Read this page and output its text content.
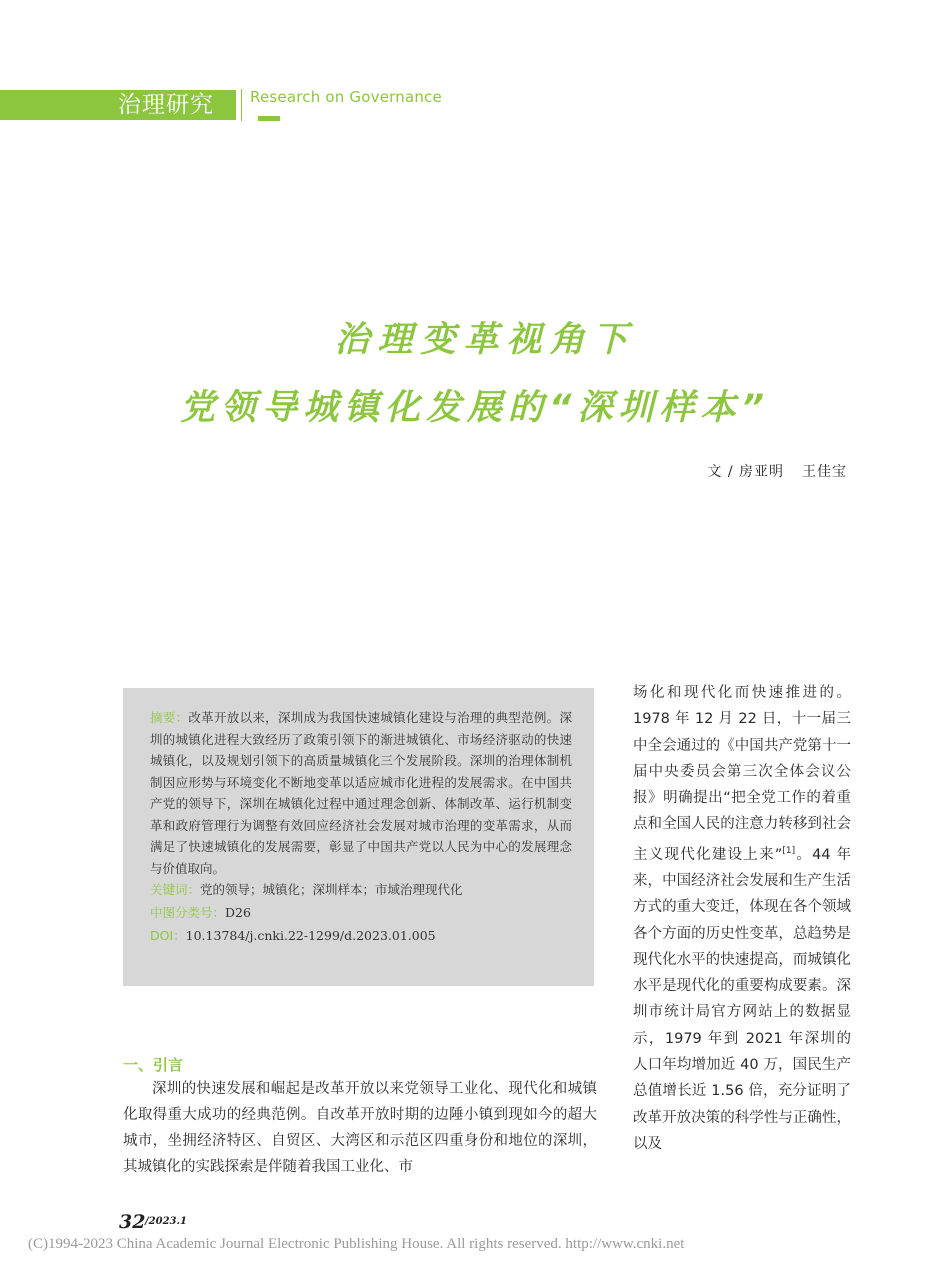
治理研究 Research on Governance
治理变革视角下
党领导城镇化发展的“深圳样本”
文 / 房亚明 王佳宝

摘要：改革开放以来，深圳成为我国快速城镇化建设与治理的典型范例。深圳的城镇化进程大致经历了政策引领下的渐进城镇化、市场经济驱动的快速城镇化，以及规划引领下的高质量城镇化三个发展阶段。深圳的治理体制机制因应形势与环境变化不断地变革以适应城市化进程的发展需求。在中国共产党的领导下，深圳在城镇化过程中通过理念创新、体制改革、运行机制变革和政府管理行为调整有效回应经济社会发展对城市治理的变革需求，从而满足了快速城镇化的发展需要，彰显了中国共产党以人民为中心的发展理念与价值取向。

关键词：党的领导；城镇化；深圳样本；市域治理现代化

中图分类号：D26

DOI：10.13784/j.cnki.22-1299/d.2023.01.005

一、引言

深圳的快速发展和崛起是改革开放以来党领导工业化、现代化和城镇化取得重大成功的经典范例。自改革开放时期的边陲小镇到现如今的超大城市，坐拥经济特区、自贸区、大湾区和示范区四重身份和地位的深圳，其城镇化的实践探索是伴随着我国工业化、市

场化和现代化而快速推进的。1978 年 12 月 22 日，十一届三中全会通过的《中国共产党第十一届中央委员会第三次全体会议公报》明确提出“把全党工作的着重点和全国人民的注意力转移到社会主义现代化建设上来”[1]。44 年来，中国经济社会发展和生产生活方式的重大变迁，体现在各个领域各个方面的历史性变革，总趋势是现代化水平的快速提高，而城镇化水平是现代化的重要构成要素。深圳市统计局官方网站上的数据显示，1979 年到 2021 年深圳的人口年均增加近 40 万，国民生产总值增长近 1.56 倍，充分证明了改革开放决策的科学性与正确性，以及

32 /2023.1
(C)1994-2023 China Academic Journal Electronic Publishing House. All rights reserved. http://www.cnki.net
